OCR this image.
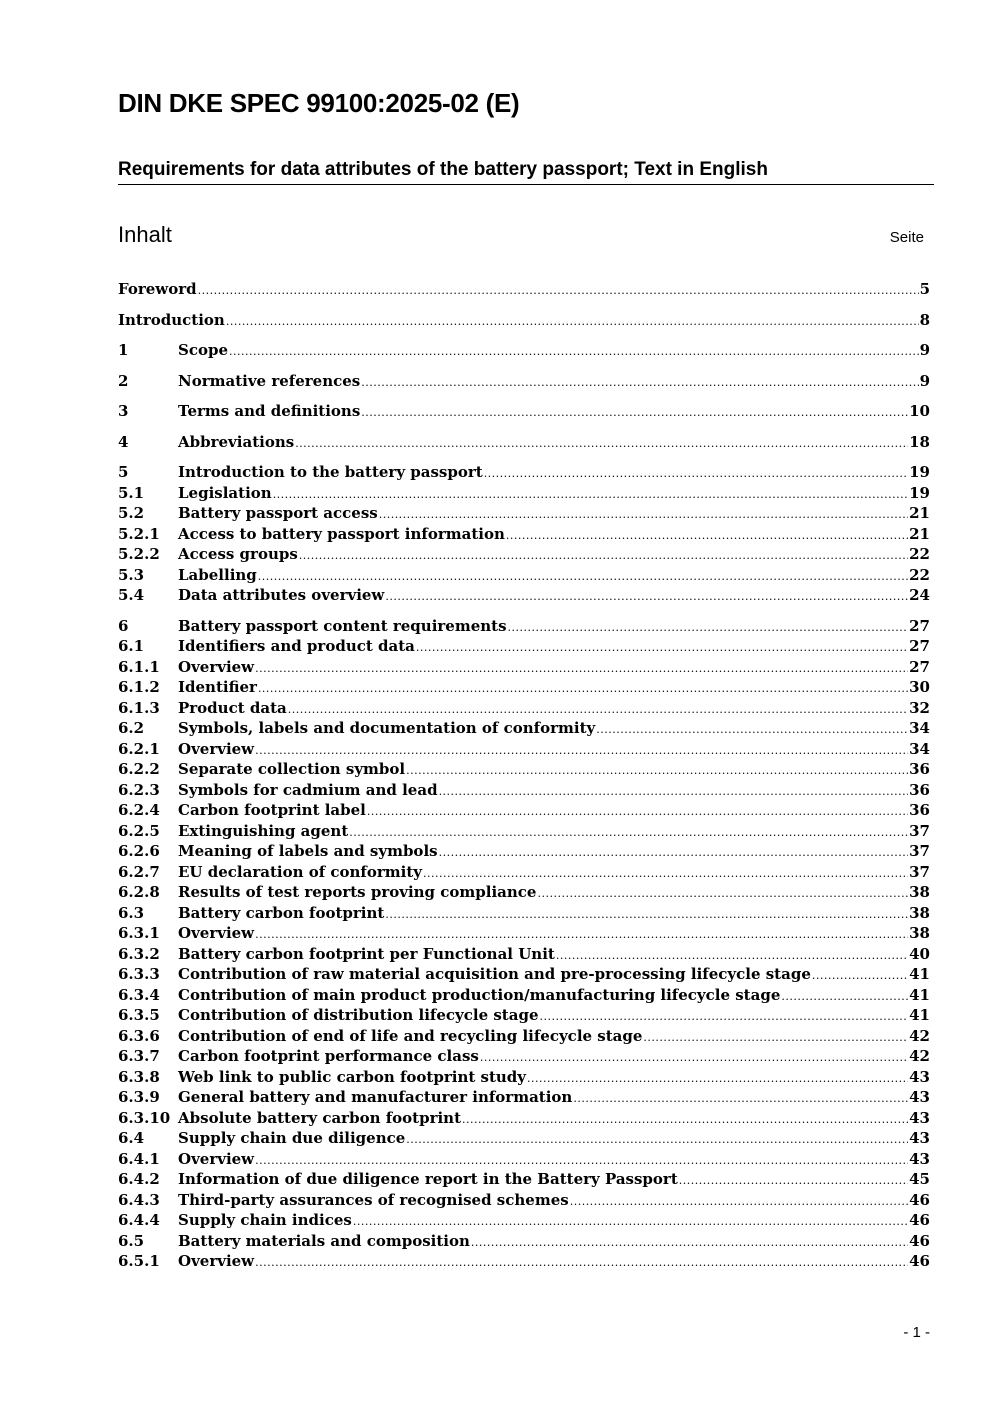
DIN DKE SPEC 99100:2025-02 (E)
Requirements for data attributes of the battery passport; Text in English
Inhalt	Seite
Foreword .....	5
Introduction .....	8
1	Scope .....	9
2	Normative references .....	9
3	Terms and definitions .....	10
4	Abbreviations .....	18
5	Introduction to the battery passport .....	19
5.1	Legislation .....	19
5.2	Battery passport access .....	21
5.2.1	Access to battery passport information .....	21
5.2.2	Access groups .....	22
5.3	Labelling .....	22
5.4	Data attributes overview .....	24
6	Battery passport content requirements .....	27
6.1	Identifiers and product data .....	27
6.1.1	Overview .....	27
6.1.2	Identifier .....	30
6.1.3	Product data .....	32
6.2	Symbols, labels and documentation of conformity .....	34
6.2.1	Overview .....	34
6.2.2	Separate collection symbol .....	36
6.2.3	Symbols for cadmium and lead .....	36
6.2.4	Carbon footprint label .....	36
6.2.5	Extinguishing agent .....	37
6.2.6	Meaning of labels and symbols .....	37
6.2.7	EU declaration of conformity .....	37
6.2.8	Results of test reports proving compliance .....	38
6.3	Battery carbon footprint .....	38
6.3.1	Overview .....	38
6.3.2	Battery carbon footprint per Functional Unit .....	40
6.3.3	Contribution of raw material acquisition and pre-processing lifecycle stage .....	41
6.3.4	Contribution of main product production/manufacturing lifecycle stage .....	41
6.3.5	Contribution of distribution lifecycle stage .....	41
6.3.6	Contribution of end of life and recycling lifecycle stage .....	42
6.3.7	Carbon footprint performance class .....	42
6.3.8	Web link to public carbon footprint study .....	43
6.3.9	General battery and manufacturer information .....	43
6.3.10 Absolute battery carbon footprint .....	43
6.4	Supply chain due diligence .....	43
6.4.1	Overview .....	43
6.4.2	Information of due diligence report in the Battery Passport .....	45
6.4.3	Third-party assurances of recognised schemes .....	46
6.4.4	Supply chain indices .....	46
6.5	Battery materials and composition .....	46
6.5.1	Overview .....	46
- 1 -
